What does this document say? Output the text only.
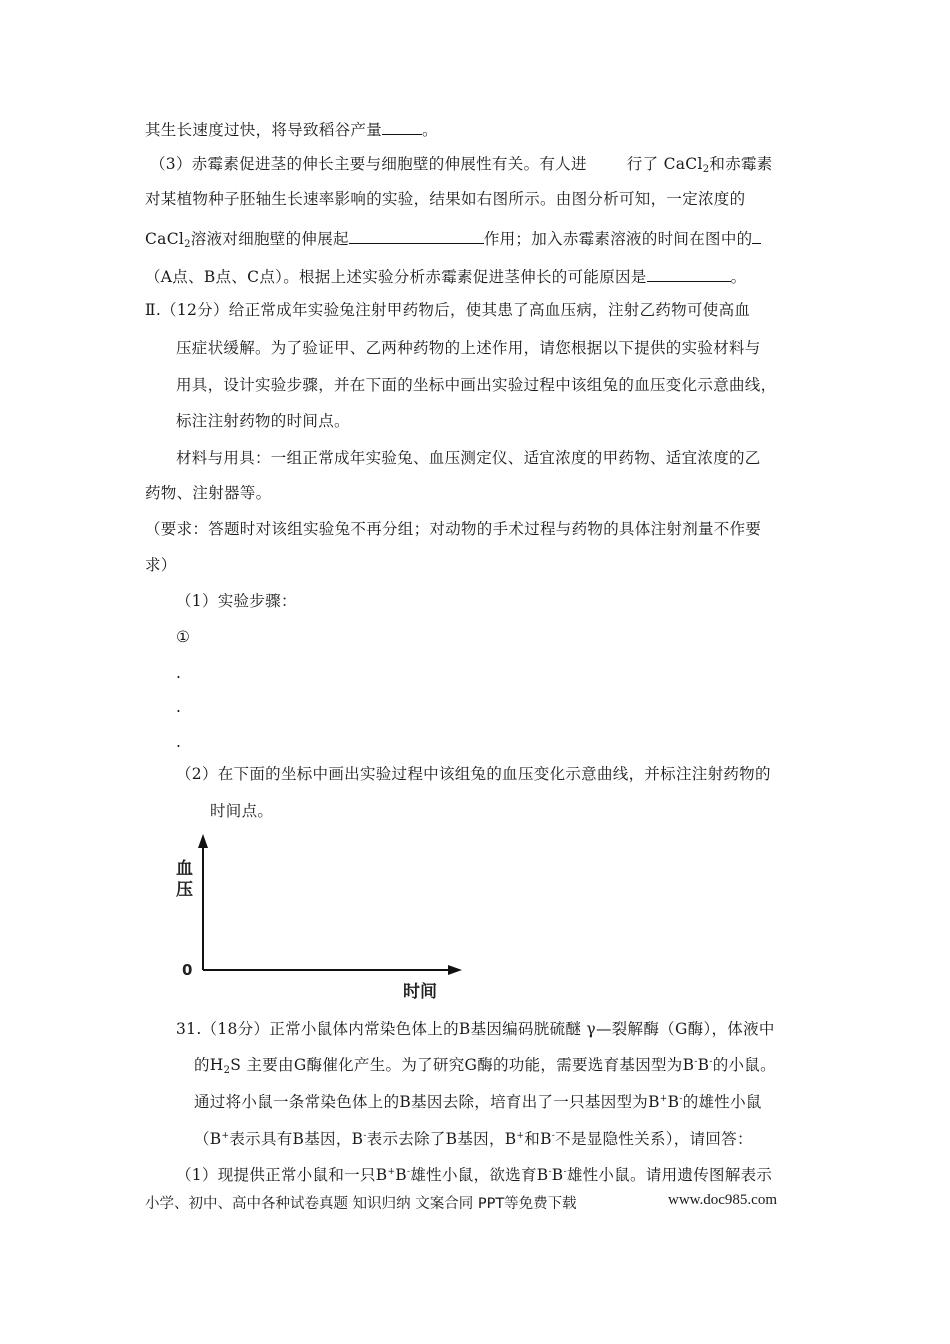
其生长速度过快，将导致稻谷产量	。
（3）赤霉素促进茎的伸长主要与细胞壁的伸展性有关。有人进	行了 CaCl$_2$和赤霉素
对某植物种子胚轴生长速率影响的实验，结果如右图所示。由图分析可知，一定浓度的
CaCl$_2$溶液对细胞壁的伸展起	作用；加入赤霉素溶液的时间在图中的
（A点、B点、C点）。根据上述实验分析赤霉素促进茎伸长的可能原因是	。
Ⅱ.（12分）给正常成年实验兔注射甲药物后，使其患了高血压病，注射乙药物可使高血
压症状缓解。为了验证甲、乙两种药物的上述作用，请您根据以下提供的实验材料与
用具，设计实验步骤，并在下面的坐标中画出实验过程中该组兔的血压变化示意曲线，
标注注射药物的时间点。
材料与用具：一组正常成年实验兔、血压测定仪、适宜浓度的甲药物、适宜浓度的乙
药物、注射器等。
（要求：答题时对该组实验兔不再分组；对动物的手术过程与药物的具体注射剂量不作要
求）
（1）实验步骤：
①
.
.
.
（2）在下面的坐标中画出实验过程中该组兔的血压变化示意曲线，并标注注射药物的
时间点。
血
压
0
时间
31.（18分）正常小鼠体内常染色体上的B基因编码胱硫醚 γ—裂解酶（G酶），体液中
的$H_2S$ 主要由G酶催化产生。为了研究G酶的功能，需要选育基因型为B-B-的小鼠。
通过将小鼠一条常染色体上的B基因去除，培育出了一只基因型为B+B-的雄性小鼠
（B+表示具有B基因，B-表示去除了B基因，B+和B-不是显隐性关系），请回答：
（1）现提供正常小鼠和一只B+B-雄性小鼠，欲选育B-B-雄性小鼠。请用遗传图解表示
小学、初中、高中各种试卷真题 知识归纳 文案合同 PPT等免费下载	www.doc985.com
